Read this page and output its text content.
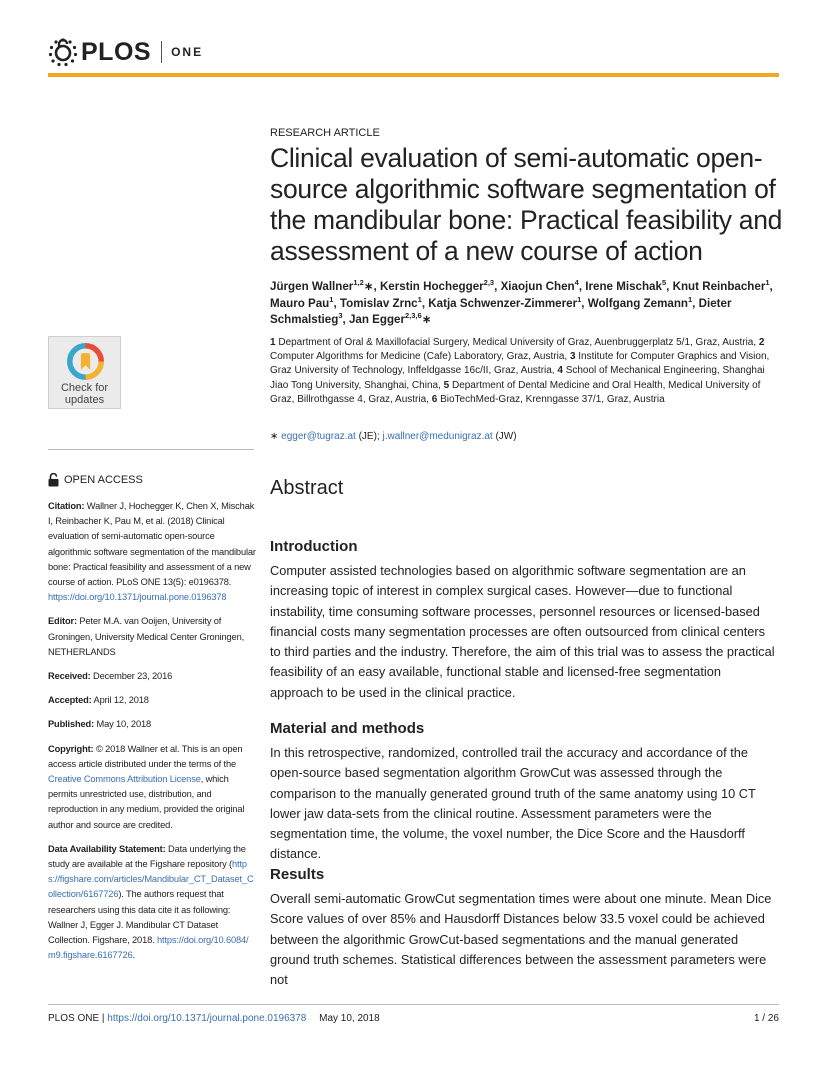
PLOS ONE
RESEARCH ARTICLE
Clinical evaluation of semi-automatic open-source algorithmic software segmentation of the mandibular bone: Practical feasibility and assessment of a new course of action
Jürgen Wallner$^{1,2}$∗, Kerstin Hochegger$^{2,3}$, Xiaojun Chen$^4$, Irene Mischak$^5$, Knut Reinbacher$^1$, Mauro Pau$^1$, Tomislav Zrnc$^1$, Katja Schwenzer-Zimmerer$^1$, Wolfgang Zemann$^1$, Dieter Schmalstieg$^3$, Jan Egger$^{2,3,6}$∗
1 Department of Oral & Maxillofacial Surgery, Medical University of Graz, Auenbruggerplatz 5/1, Graz, Austria, 2 Computer Algorithms for Medicine (Cafe) Laboratory, Graz, Austria, 3 Institute for Computer Graphics and Vision, Graz University of Technology, Inffeldgasse 16c/II, Graz, Austria, 4 School of Mechanical Engineering, Shanghai Jiao Tong University, Shanghai, China, 5 Department of Dental Medicine and Oral Health, Medical University of Graz, Billrothgasse 4, Graz, Austria, 6 BioTechMed-Graz, Krenngasse 37/1, Graz, Austria
∗ egger@tugraz.at (JE); j.wallner@medunigraz.at (JW)
Check for
updates
OPEN ACCESS

Citation: Wallner J, Hochegger K, Chen X, Mischak I, Reinbacher K, Pau M, et al. (2018) Clinical evaluation of semi-automatic open-source algorithmic software segmentation of the mandibular bone: Practical feasibility and assessment of a new course of action. PLoS ONE 13(5): e0196378. https://doi.org/10.1371/journal.pone.0196378

Editor: Peter M.A. van Ooijen, University of Groningen, University Medical Center Groningen, NETHERLANDS

Received: December 23, 2016

Accepted: April 12, 2018

Published: May 10, 2018

Copyright: © 2018 Wallner et al. This is an open access article distributed under the terms of the Creative Commons Attribution License, which permits unrestricted use, distribution, and reproduction in any medium, provided the original author and source are credited.

Data Availability Statement: Data underlying the study are available at the Figshare repository (https://figshare.com/articles/Mandibular_CT_Dataset_Collection/6167726). The authors request that researchers using this data cite it as following: Wallner J, Egger J. Mandibular CT Dataset Collection. Figshare, 2018. https://doi.org/10.6084/m9.figshare.6167726.

Abstract
Introduction

Computer assisted technologies based on algorithmic software segmentation are an increasing topic of interest in complex surgical cases. However—due to functional instability, time consuming software processes, personnel resources or licensed-based financial costs many segmentation processes are often outsourced from clinical centers to third parties and the industry. Therefore, the aim of this trial was to assess the practical feasibility of an easy available, functional stable and licensed-free segmentation approach to be used in the clinical practice.

Material and methods

In this retrospective, randomized, controlled trail the accuracy and accordance of the open-source based segmentation algorithm GrowCut was assessed through the comparison to the manually generated ground truth of the same anatomy using 10 CT lower jaw data-sets from the clinical routine. Assessment parameters were the segmentation time, the volume, the voxel number, the Dice Score and the Hausdorff distance.

Results

Overall semi-automatic GrowCut segmentation times were about one minute. Mean Dice Score values of over 85% and Hausdorff Distances below 33.5 voxel could be achieved between the algorithmic GrowCut-based segmentations and the manual generated ground truth schemes. Statistical differences between the assessment parameters were not

PLOS ONE | https://doi.org/10.1371/journal.pone.0196378 May 10, 2018	1 / 26
